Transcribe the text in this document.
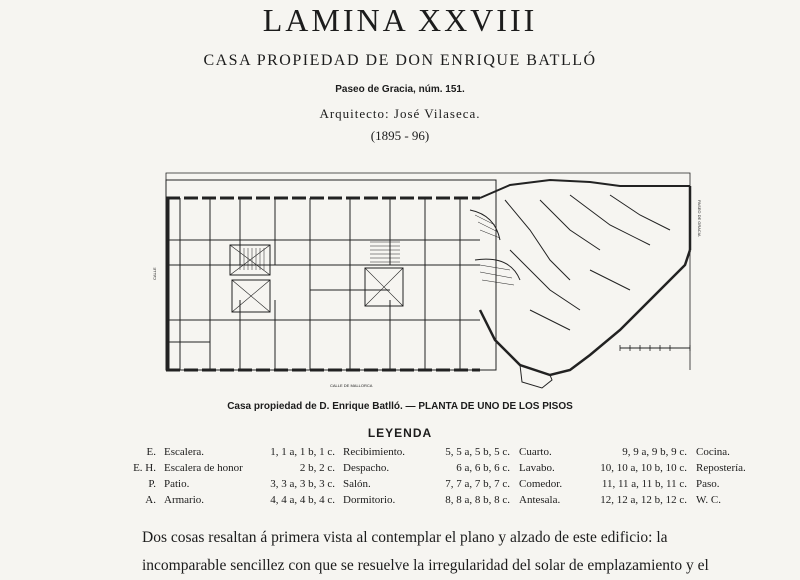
LAMINA XXVIII
CASA PROPIEDAD DE DON ENRIQUE BATLLÓ
Paseo de Gracia, núm. 151.
Arquitecto: José Vilaseca.
(1895 - 96)
CALLE DE MALLORCA
PASEO DE GRACIA
CALLE
Casa propiedad de D. Enrique Batlló. — PLANTA DE UNO DE LOS PISOS
LEYENDA
E. Escalera.	1, 1 a, 1 b, 1 c. Recibimiento.	5, 5 a, 5 b, 5 c. Cuarto.	9, 9 a, 9 b, 9 c. Cocina.
E. H. Escalera de honor	2 b, 2 c. Despacho.	6 a, 6 b, 6 c. Lavabo.	10, 10 a, 10 b, 10 c. Repostería.
P. Patio.	3, 3 a, 3 b, 3 c. Salón.	7, 7 a, 7 b, 7 c. Comedor.	11, 11 a, 11 b, 11 c. Paso.
A. Armario.	4, 4 a, 4 b, 4 c. Dormitorio.	8, 8 a, 8 b, 8 c. Antesala.	12, 12 a, 12 b, 12 c. W. C.
Dos cosas resaltan á primera vista al contemplar el plano y alzado de este edificio: la
incomparable sencillez con que se resuelve la irregularidad del solar de emplazamiento y el
